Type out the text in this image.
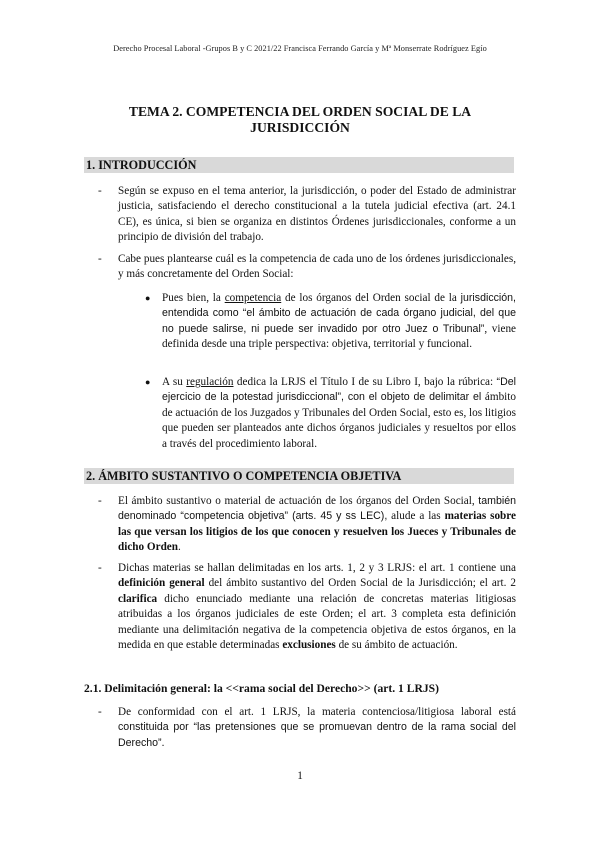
Derecho Procesal Laboral -Grupos B y C 2021/22 Francisca Ferrando García y Mª Monserrate Rodríguez Egío
TEMA 2. COMPETENCIA DEL ORDEN SOCIAL DE LA
JURISDICCIÓN
1. INTRODUCCIÓN
- Según se expuso en el tema anterior, la jurisdicción, o poder del Estado de administrar justicia, satisfaciendo el derecho constitucional a la tutela judicial efectiva (art. 24.1 CE), es única, si bien se organiza en distintos Órdenes jurisdiccionales, conforme a un principio de división del trabajo.
- Cabe pues plantearse cuál es la competencia de cada uno de los órdenes jurisdiccionales, y más concretamente del Orden Social:
● Pues bien, la competencia de los órganos del Orden social de la jurisdicción, entendida como “el ámbito de actuación de cada órgano judicial, del que no puede salirse, ni puede ser invadido por otro Juez o Tribunal”, viene definida desde una triple perspectiva: objetiva, territorial y funcional.
● A su regulación dedica la LRJS el Título I de su Libro I, bajo la rúbrica: “Del ejercicio de la potestad jurisdiccional”, con el objeto de delimitar el ámbito de actuación de los Juzgados y Tribunales del Orden Social, esto es, los litigios que pueden ser planteados ante dichos órganos judiciales y resueltos por ellos a través del procedimiento laboral.
2. ÁMBITO SUSTANTIVO O COMPETENCIA OBJETIVA
- El ámbito sustantivo o material de actuación de los órganos del Orden Social, también denominado “competencia objetiva” (arts. 45 y ss LEC), alude a las materias sobre las que versan los litigios de los que conocen y resuelven los Jueces y Tribunales de dicho Orden.
- Dichas materias se hallan delimitadas en los arts. 1, 2 y 3 LRJS: el art. 1 contiene una definición general del ámbito sustantivo del Orden Social de la Jurisdicción; el art. 2 clarifica dicho enunciado mediante una relación de concretas materias litigiosas atribuidas a los órganos judiciales de este Orden; el art. 3 completa esta definición mediante una delimitación negativa de la competencia objetiva de estos órganos, en la medida en que estable determinadas exclusiones de su ámbito de actuación.
2.1. Delimitación general: la <<rama social del Derecho>> (art. 1 LRJS)
- De conformidad con el art. 1 LRJS, la materia contenciosa/litigiosa laboral está constituida por “las pretensiones que se promuevan dentro de la rama social del Derecho”.
1
